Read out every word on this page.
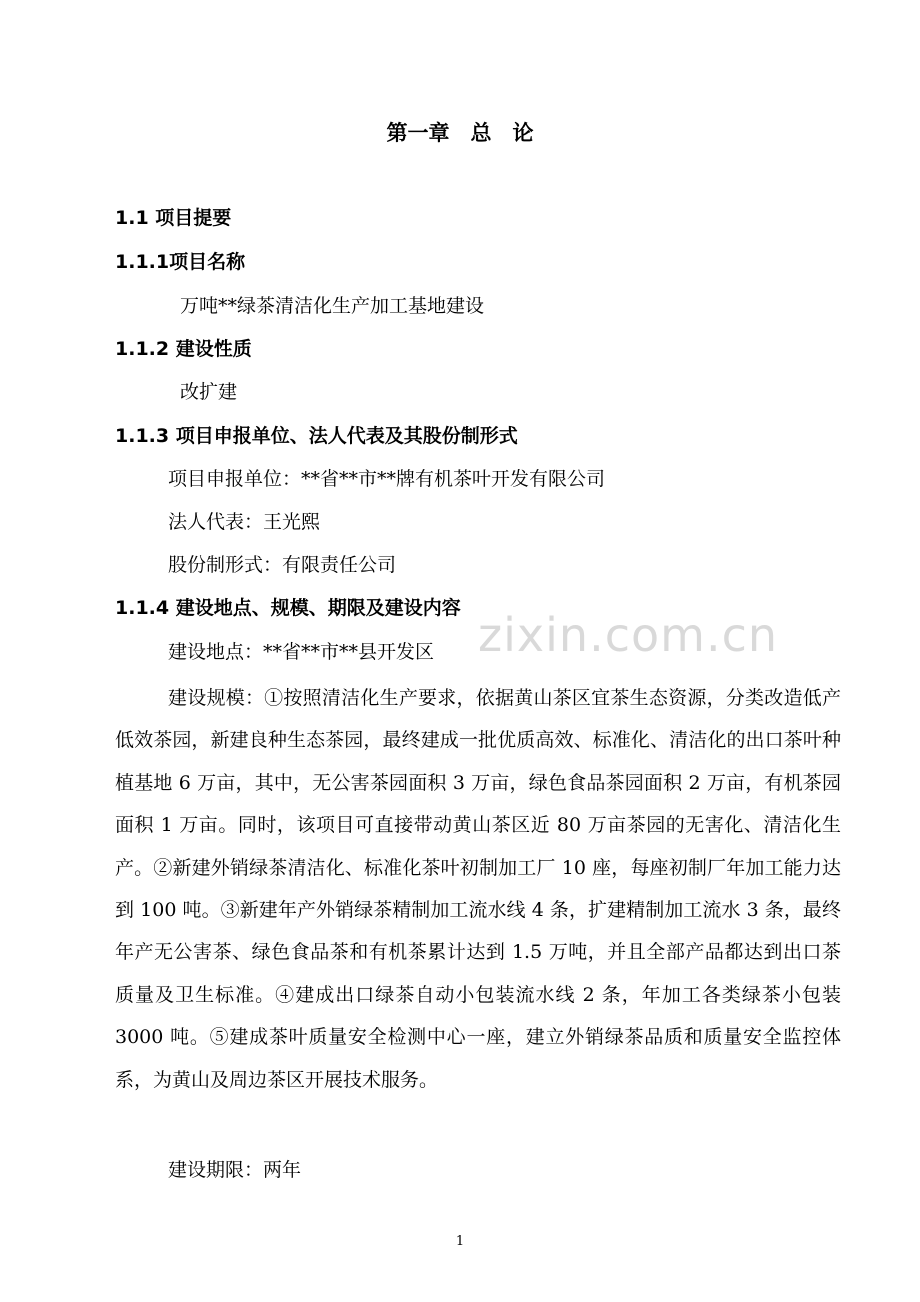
第一章　总　论
1.1 项目提要
1.1.1项目名称
万吨**绿茶清洁化生产加工基地建设
1.1.2 建设性质
改扩建
1.1.3 项目申报单位、法人代表及其股份制形式
项目申报单位：**省**市**牌有机茶叶开发有限公司
法人代表：王光熙
股份制形式：有限责任公司
1.1.4 建设地点、规模、期限及建设内容 zixin.com.cn
建设地点：**省**市**县开发区

建设规模：①按照清洁化生产要求，依据黄山茶区宜茶生态资源，分类改造低产低效茶园，新建良种生态茶园，最终建成一批优质高效、标准化、清洁化的出口茶叶种植基地 6 万亩，其中，无公害茶园面积 3 万亩，绿色食品茶园面积 2 万亩，有机茶园面积 1 万亩。同时，该项目可直接带动黄山茶区近 80 万亩茶园的无害化、清洁化生产。②新建外销绿茶清洁化、标准化茶叶初制加工厂 10 座，每座初制厂年加工能力达到 100 吨。③新建年产外销绿茶精制加工流水线 4 条，扩建精制加工流水 3 条，最终年产无公害茶、绿色食品茶和有机茶累计达到 1.5 万吨，并且全部产品都达到出口茶质量及卫生标准。④建成出口绿茶自动小包装流水线 2 条，年加工各类绿茶小包装 3000 吨。⑤建成茶叶质量安全检测中心一座，建立外销绿茶品质和质量安全监控体系，为黄山及周边茶区开展技术服务。

建设期限：两年
1
